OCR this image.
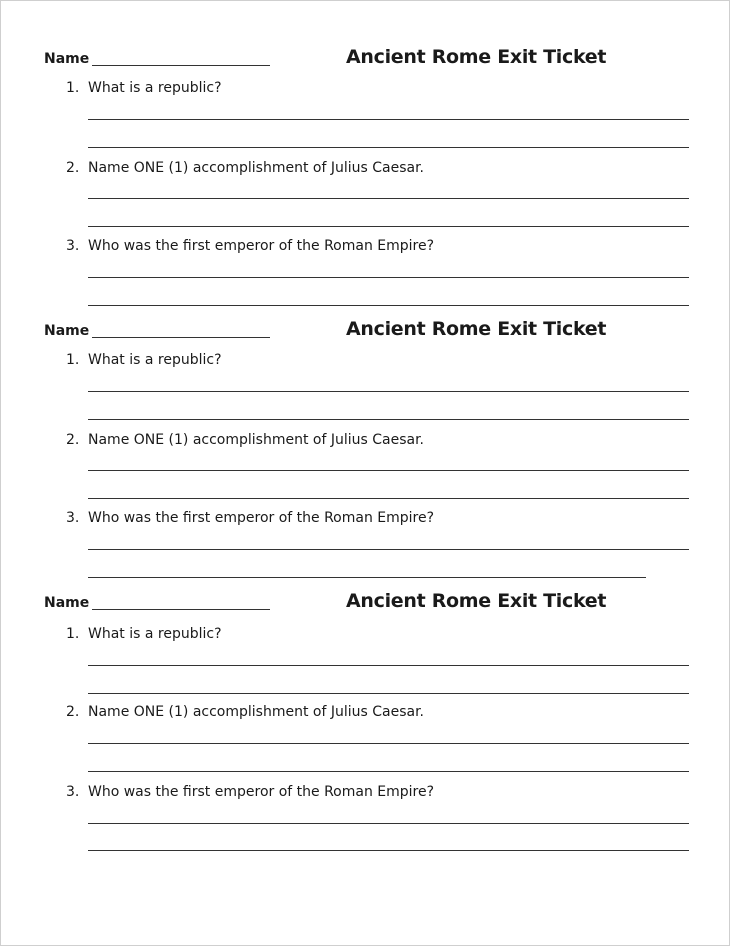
Name	Ancient Rome Exit Ticket
1. What is a republic?
2. Name ONE (1) accomplishment of Julius Caesar.
3. Who was the first emperor of the Roman Empire?
Name	Ancient Rome Exit Ticket
1. What is a republic?
2. Name ONE (1) accomplishment of Julius Caesar.
3. Who was the first emperor of the Roman Empire?
Name	Ancient Rome Exit Ticket
1. What is a republic?
2. Name ONE (1) accomplishment of Julius Caesar.
3. Who was the first emperor of the Roman Empire?
